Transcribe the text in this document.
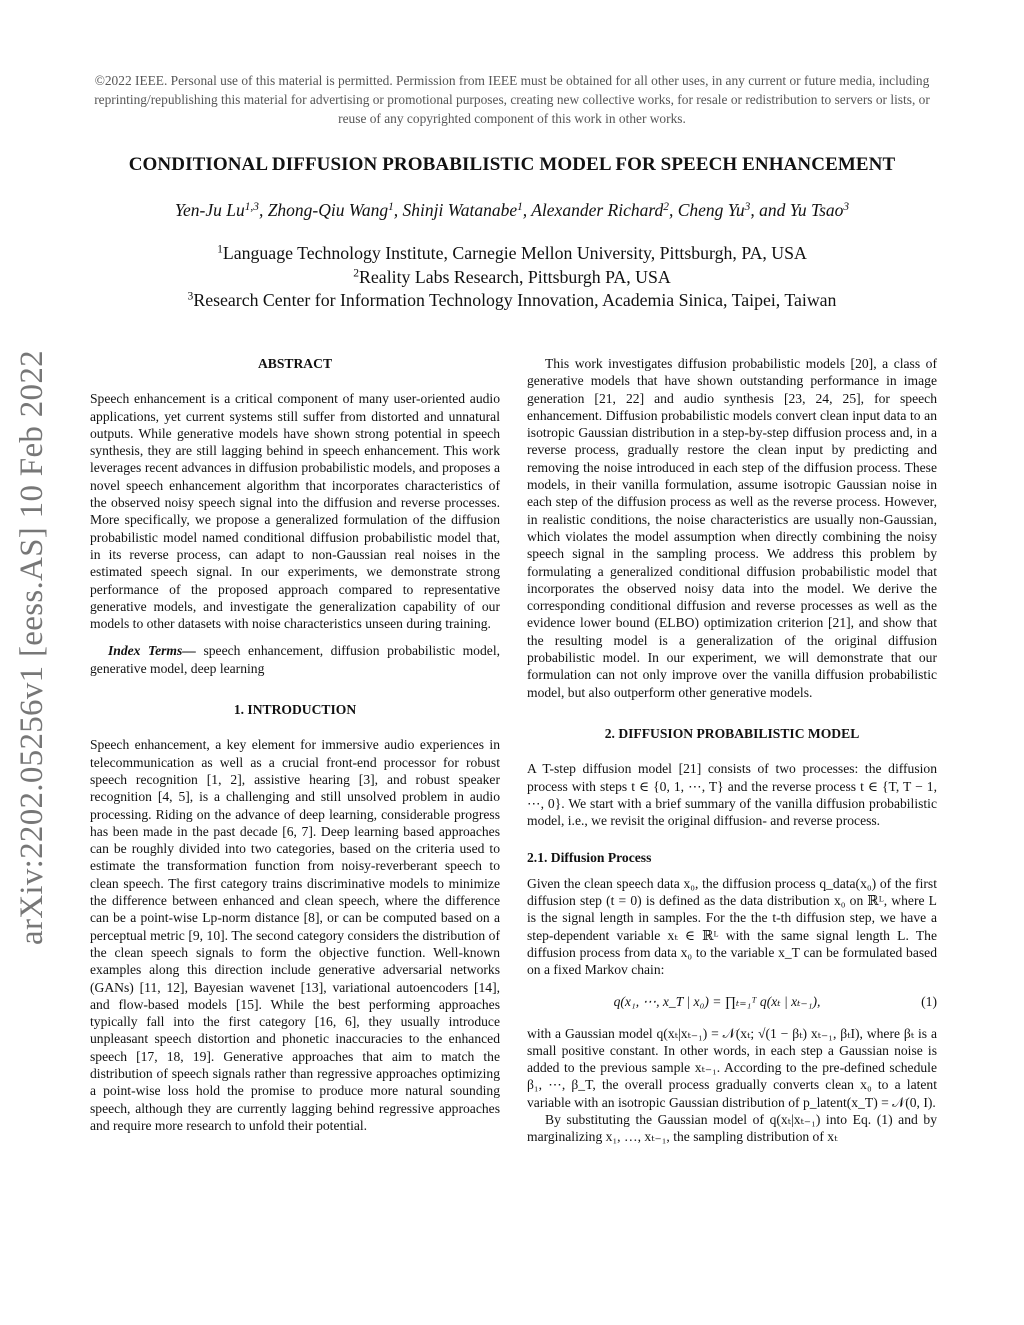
©2022 IEEE. Personal use of this material is permitted. Permission from IEEE must be obtained for all other uses, in any current or future media, including reprinting/republishing this material for advertising or promotional purposes, creating new collective works, for resale or redistribution to servers or lists, or reuse of any copyrighted component of this work in other works.
CONDITIONAL DIFFUSION PROBABILISTIC MODEL FOR SPEECH ENHANCEMENT
Yen-Ju Lu$^{1,3}$, Zhong-Qiu Wang$^1$, Shinji Watanabe$^1$, Alexander Richard$^2$, Cheng Yu$^3$, and Yu Tsao$^3$
$^1$Language Technology Institute, Carnegie Mellon University, Pittsburgh, PA, USA
$^2$Reality Labs Research, Pittsburgh PA, USA
$^3$Research Center for Information Technology Innovation, Academia Sinica, Taipei, Taiwan
arXiv:2202.05256v1 [eess.AS] 10 Feb 2022	ABSTRACT

Speech enhancement is a critical component of many user-oriented audio applications, yet current systems still suffer from distorted and unnatural outputs. While generative models have shown strong potential in speech synthesis, they are still lagging behind in speech enhancement. This work leverages recent advances in diffusion probabilistic models, and proposes a novel speech enhancement algorithm that incorporates characteristics of the observed noisy speech signal into the diffusion and reverse processes. More specifically, we propose a generalized formulation of the diffusion probabilistic model named conditional diffusion probabilistic model that, in its reverse process, can adapt to non-Gaussian real noises in the estimated speech signal. In our experiments, we demonstrate strong performance of the proposed approach compared to representative generative models, and investigate the generalization capability of our models to other datasets with noise characteristics unseen during training.

Index Terms— speech enhancement, diffusion probabilistic model, generative model, deep learning

1. INTRODUCTION

Speech enhancement, a key element for immersive audio experiences in telecommunication as well as a crucial front-end processor for robust speech recognition [1, 2], assistive hearing [3], and robust speaker recognition [4, 5], is a challenging and still unsolved problem in audio processing. Riding on the advance of deep learning, considerable progress has been made in the past decade [6, 7]. Deep learning based approaches can be roughly divided into two categories, based on the criteria used to estimate the transformation function from noisy-reverberant speech to clean speech. The first category trains discriminative models to minimize the difference between enhanced and clean speech, where the difference can be a point-wise Lp-norm distance [8], or can be computed based on a perceptual metric [9, 10]. The second category considers the distribution of the clean speech signals to form the objective function. Well-known examples along this direction include generative adversarial networks (GANs) [11, 12], Bayesian wavenet [13], variational autoencoders [14], and flow-based models [15]. While the best performing approaches typically fall into the first category [16, 6], they usually introduce unpleasant speech distortion and phonetic inaccuracies to the enhanced speech [17, 18, 19]. Generative approaches that aim to match the distribution of speech signals rather than regressive approaches optimizing a point-wise loss hold the promise to produce more natural sounding speech, although they are currently lagging behind regressive approaches and require more research to unfold their potential.

This work investigates diffusion probabilistic models [20], a class of generative models that have shown outstanding performance in image generation [21, 22] and audio synthesis [23, 24, 25], for speech enhancement. Diffusion probabilistic models convert clean input data to an isotropic Gaussian distribution in a step-by-step diffusion process and, in a reverse process, gradually restore the clean input by predicting and removing the noise introduced in each step of the diffusion process. These models, in their vanilla formulation, assume isotropic Gaussian noise in each step of the diffusion process as well as the reverse process. However, in realistic conditions, the noise characteristics are usually non-Gaussian, which violates the model assumption when directly combining the noisy speech signal in the sampling process. We address this problem by formulating a generalized conditional diffusion probabilistic model that incorporates the observed noisy data into the model. We derive the corresponding conditional diffusion and reverse processes as well as the evidence lower bound (ELBO) optimization criterion [21], and show that the resulting model is a generalization of the original diffusion probabilistic model. In our experiment, we will demonstrate that our formulation can not only improve over the vanilla diffusion probabilistic model, but also outperform other generative models.

2. DIFFUSION PROBABILISTIC MODEL

A T-step diffusion model [21] consists of two processes: the diffusion process with steps t ∈ {0, 1, ⋯, T} and the reverse process t ∈ {T, T − 1, ⋯, 0}. We start with a brief summary of the vanilla diffusion probabilistic model, i.e., we revisit the original diffusion- and reverse process.

2.1. Diffusion Process

Given the clean speech data x₀, the diffusion process q_data(x₀) of the first diffusion step (t = 0) is defined as the data distribution x₀ on ℝᴸ, where L is the signal length in samples. For the the t-th diffusion step, we have a step-dependent variable xₜ ∈ ℝᴸ with the same signal length L. The diffusion process from data x₀ to the variable x_T can be formulated based on a fixed Markov chain:

q(x₁, ⋯, x_T | x₀) = ∏ₜ₌₁ᵀ q(xₜ | xₜ₋₁),	(1)

with a Gaussian model q(xₜ|xₜ₋₁) = 𝒩(xₜ; √(1 − βₜ) xₜ₋₁, βₜI), where βₜ is a small positive constant. In other words, in each step a Gaussian noise is added to the previous sample xₜ₋₁. According to the pre-defined schedule β₁, ⋯, β_T, the overall process gradually converts clean x₀ to a latent variable with an isotropic Gaussian distribution of p_latent(x_T) = 𝒩(0, I).

By substituting the Gaussian model of q(xₜ|xₜ₋₁) into Eq. (1) and by marginalizing x₁, …, xₜ₋₁, the sampling distribution of xₜ
